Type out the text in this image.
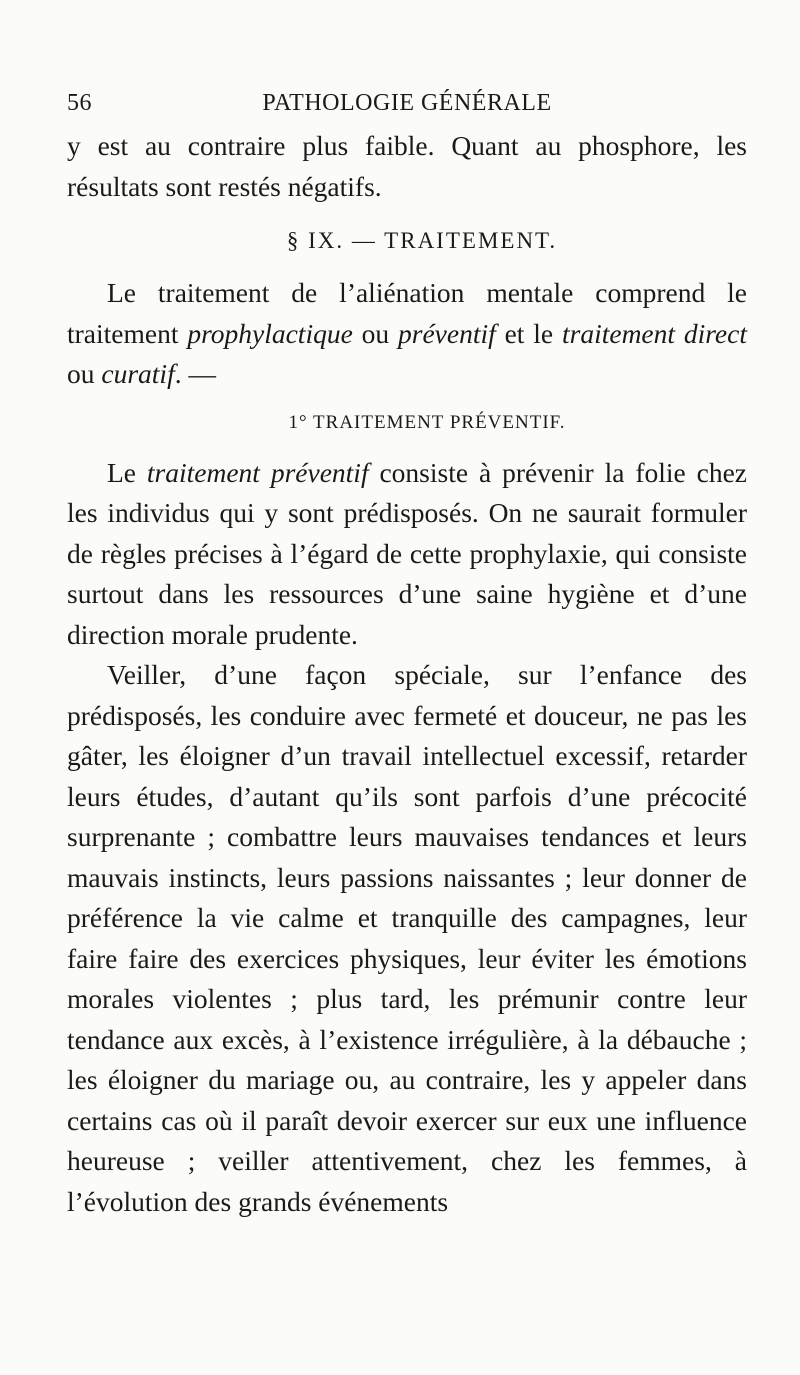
56	PATHOLOGIE GÉNÉRALE

y est au contraire plus faible. Quant au phosphore, les résultats sont restés négatifs.

§ IX. — TRAITEMENT.

Le traitement de l’aliénation mentale comprend le traitement prophylactique ou préventif et le traitement direct ou curatif. —

1° TRAITEMENT PRÉVENTIF.

Le traitement préventif consiste à prévenir la folie chez les individus qui y sont prédisposés. On ne saurait formuler de règles précises à l’égard de cette prophylaxie, qui consiste surtout dans les ressources d’une saine hygiène et d’une direction morale prudente.

Veiller, d’une façon spéciale, sur l’enfance des prédisposés, les conduire avec fermeté et douceur, ne pas les gâter, les éloigner d’un travail intellectuel excessif, retarder leurs études, d’autant qu’ils sont parfois d’une précocité surprenante ; combattre leurs mauvaises tendances et leurs mauvais instincts, leurs passions naissantes ; leur donner de préférence la vie calme et tranquille des campagnes, leur faire faire des exercices physiques, leur éviter les émotions morales violentes ; plus tard, les prémunir contre leur tendance aux excès, à l’existence irrégulière, à la débauche ; les éloigner du mariage ou, au contraire, les y appeler dans certains cas où il paraît devoir exercer sur eux une influence heureuse ; veiller attentivement, chez les femmes, à l’évolution des grands événements
